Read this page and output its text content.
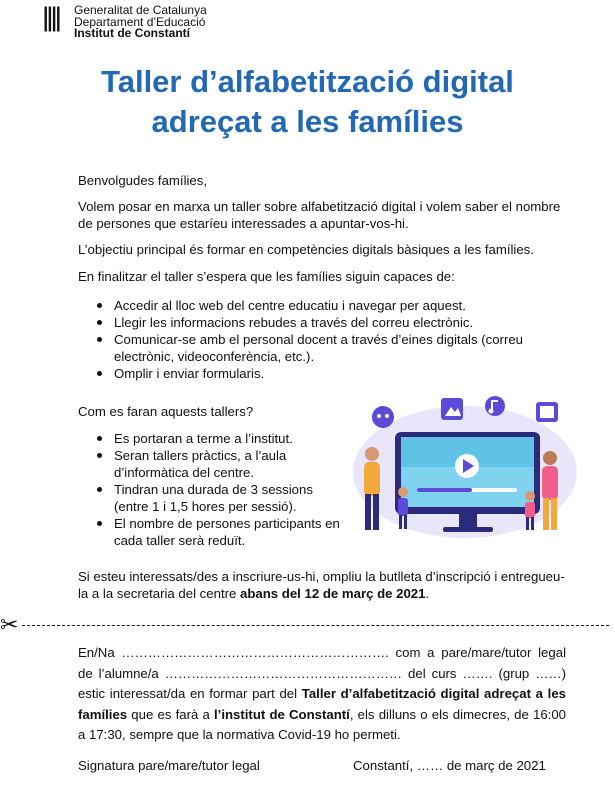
Generalitat de Catalunya
Departament d’Educació
Institut de Constantí
Taller d’alfabetització digital
adreçat a les famílies
Benvolgudes famílies,
Volem posar en marxa un taller sobre alfabetització digital i volem saber el nombre de persones que estaríeu interessades a apuntar-vos-hi.
L’objectiu principal és formar en competències digitals bàsiques a les famílies.
En finalitzar el taller s’espera que les famílies siguin capaces de:
Accedir al lloc web del centre educatiu i navegar per aquest.
Llegir les informacions rebudes a través del correu electrònic.
Comunicar-se amb el personal docent a través d’eines digitals (correu electrònic, videoconferència, etc.).
Omplir i enviar formularis.
Com es faran aquests tallers?
Es portaran a terme a l’institut.
Seran tallers pràctics, a l’aula d’informàtica del centre.
Tindran una durada de 3 sessions (entre 1 i 1,5 hores per sessió).
El nombre de persones participants en cada taller serà reduït.
Si esteu interessats/des a inscriure-us-hi, ompliu la butlleta d’inscripció i entregueu-la a la secretaria del centre abans del 12 de març de 2021.
✂
En/Na ……………………………………………………. com a pare/mare/tutor legal de l’alumne/a ……………………………………………… del curs ……. (grup ……) estic interessat/da en formar part del Taller d’alfabetització digital adreçat a les famílies que es farà a l’institut de Constantí, els dilluns o els dimecres, de 16:00 a 17:30, sempre que la normativa Covid-19 ho permeti.
Signatura pare/mare/tutor legal	Constantí, …… de març de 2021
